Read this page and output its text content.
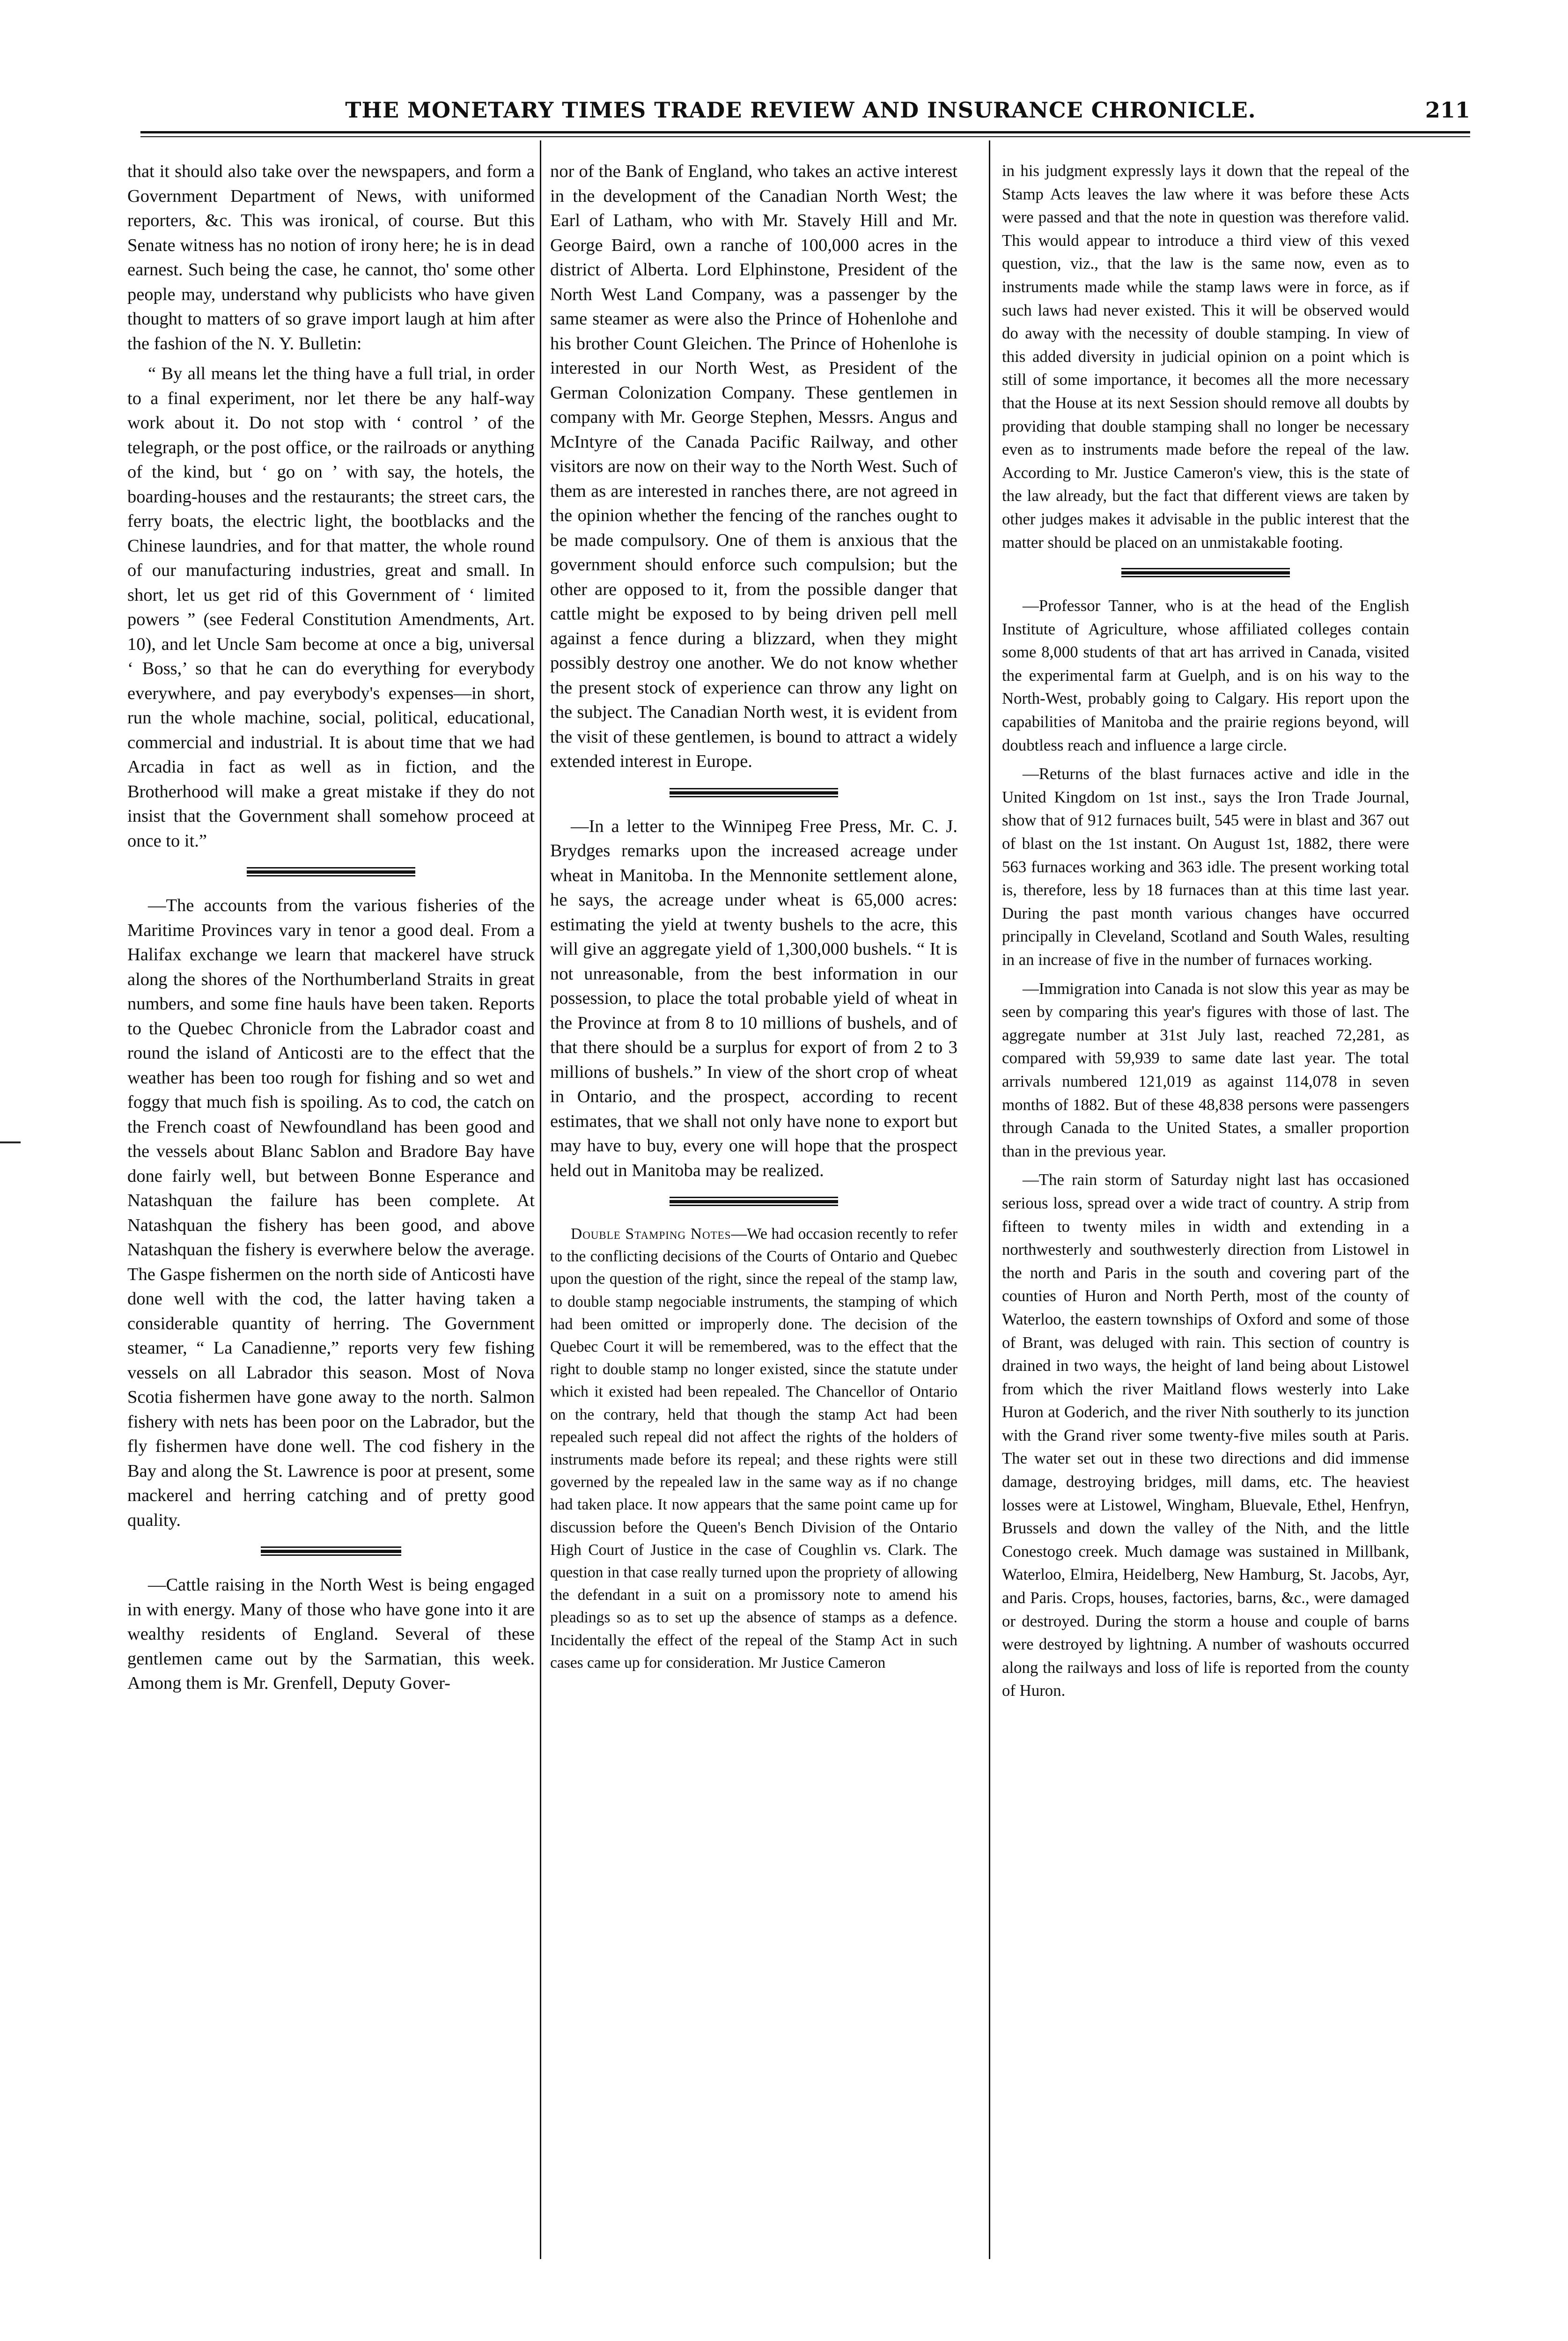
THE MONETARY TIMES TRADE REVIEW AND INSURANCE CHRONICLE.	211

that it should also take over the newspapers, and form a Government Department of News, with uniformed reporters, &c. This was ironical, of course. But this Senate witness has no notion of irony here; he is in dead earnest. Such being the case, he cannot, tho' some other people may, understand why publicists who have given thought to matters of so grave import laugh at him after the fashion of the N. Y. Bulletin:

“ By all means let the thing have a full trial, in order to a final experiment, nor let there be any half-way work about it. Do not stop with ‘ control ’ of the telegraph, or the post office, or the railroads or anything of the kind, but ‘ go on ’ with say, the hotels, the boarding-houses and the restaurants; the street cars, the ferry boats, the electric light, the bootblacks and the Chinese laundries, and for that matter, the whole round of our manufacturing industries, great and small. In short, let us get rid of this Government of ‘ limited powers ” (see Federal Constitution Amendments, Art. 10), and let Uncle Sam become at once a big, universal ‘ Boss,’ so that he can do everything for everybody everywhere, and pay everybody's expenses—in short, run the whole machine, social, political, educational, commercial and industrial. It is about time that we had Arcadia in fact as well as in fiction, and the Brotherhood will make a great mistake if they do not insist that the Government shall somehow proceed at once to it.”

—The accounts from the various fisheries of the Maritime Provinces vary in tenor a good deal. From a Halifax exchange we learn that mackerel have struck along the shores of the Northumberland Straits in great numbers, and some fine hauls have been taken. Reports to the Quebec Chronicle from the Labrador coast and round the island of Anticosti are to the effect that the weather has been too rough for fishing and so wet and foggy that much fish is spoiling. As to cod, the catch on the French coast of Newfoundland has been good and the vessels about Blanc Sablon and Bradore Bay have done fairly well, but between Bonne Esperance and Natashquan the failure has been complete. At Natashquan the fishery has been good, and above Natashquan the fishery is everwhere below the average. The Gaspe fishermen on the north side of Anticosti have done well with the cod, the latter having taken a considerable quantity of herring. The Government steamer, “ La Canadienne,” reports very few fishing vessels on all Labrador this season. Most of Nova Scotia fishermen have gone away to the north. Salmon fishery with nets has been poor on the Labrador, but the fly fishermen have done well. The cod fishery in the Bay and along the St. Lawrence is poor at present, some mackerel and herring catching and of pretty good quality.

—Cattle raising in the North West is being engaged in with energy. Many of those who have gone into it are wealthy residents of England. Several of these gentlemen came out by the Sarmatian, this week. Among them is Mr. Grenfell, Deputy Gover-

nor of the Bank of England, who takes an active interest in the development of the Canadian North West; the Earl of Latham, who with Mr. Stavely Hill and Mr. George Baird, own a ranche of 100,000 acres in the district of Alberta. Lord Elphinstone, President of the North West Land Company, was a passenger by the same steamer as were also the Prince of Hohenlohe and his brother Count Gleichen. The Prince of Hohenlohe is interested in our North West, as President of the German Colonization Company. These gentlemen in company with Mr. George Stephen, Messrs. Angus and McIntyre of the Canada Pacific Railway, and other visitors are now on their way to the North West. Such of them as are interested in ranches there, are not agreed in the opinion whether the fencing of the ranches ought to be made compulsory. One of them is anxious that the government should enforce such compulsion; but the other are opposed to it, from the possible danger that cattle might be exposed to by being driven pell mell against a fence during a blizzard, when they might possibly destroy one another. We do not know whether the present stock of experience can throw any light on the subject. The Canadian North west, it is evident from the visit of these gentlemen, is bound to attract a widely extended interest in Europe.

—In a letter to the Winnipeg Free Press, Mr. C. J. Brydges remarks upon the increased acreage under wheat in Manitoba. In the Mennonite settlement alone, he says, the acreage under wheat is 65,000 acres: estimating the yield at twenty bushels to the acre, this will give an aggregate yield of 1,300,000 bushels. “ It is not unreasonable, from the best information in our possession, to place the total probable yield of wheat in the Province at from 8 to 10 millions of bushels, and of that there should be a surplus for export of from 2 to 3 millions of bushels.” In view of the short crop of wheat in Ontario, and the prospect, according to recent estimates, that we shall not only have none to export but may have to buy, every one will hope that the prospect held out in Manitoba may be realized.

Double Stamping Notes—We had occasion recently to refer to the conflicting decisions of the Courts of Ontario and Quebec upon the question of the right, since the repeal of the stamp law, to double stamp negociable instruments, the stamping of which had been omitted or improperly done. The decision of the Quebec Court it will be remembered, was to the effect that the right to double stamp no longer existed, since the statute under which it existed had been repealed. The Chancellor of Ontario on the contrary, held that though the stamp Act had been repealed such repeal did not affect the rights of the holders of instruments made before its repeal; and these rights were still governed by the repealed law in the same way as if no change had taken place. It now appears that the same point came up for discussion before the Queen's Bench Division of the Ontario High Court of Justice in the case of Coughlin vs. Clark. The question in that case really turned upon the propriety of allowing the defendant in a suit on a promissory note to amend his pleadings so as to set up the absence of stamps as a defence. Incidentally the effect of the repeal of the Stamp Act in such cases came up for consideration. Mr Justice Cameron

in his judgment expressly lays it down that the repeal of the Stamp Acts leaves the law where it was before these Acts were passed and that the note in question was therefore valid. This would appear to introduce a third view of this vexed question, viz., that the law is the same now, even as to instruments made while the stamp laws were in force, as if such laws had never existed. This it will be observed would do away with the necessity of double stamping. In view of this added diversity in judicial opinion on a point which is still of some importance, it becomes all the more necessary that the House at its next Session should remove all doubts by providing that double stamping shall no longer be necessary even as to instruments made before the repeal of the law. According to Mr. Justice Cameron's view, this is the state of the law already, but the fact that different views are taken by other judges makes it advisable in the public interest that the matter should be placed on an unmistakable footing.

—Professor Tanner, who is at the head of the English Institute of Agriculture, whose affiliated colleges contain some 8,000 students of that art has arrived in Canada, visited the experimental farm at Guelph, and is on his way to the North-West, probably going to Calgary. His report upon the capabilities of Manitoba and the prairie regions beyond, will doubtless reach and influence a large circle.

—Returns of the blast furnaces active and idle in the United Kingdom on 1st inst., says the Iron Trade Journal, show that of 912 furnaces built, 545 were in blast and 367 out of blast on the 1st instant. On August 1st, 1882, there were 563 furnaces working and 363 idle. The present working total is, therefore, less by 18 furnaces than at this time last year. During the past month various changes have occurred principally in Cleveland, Scotland and South Wales, resulting in an increase of five in the number of furnaces working.

—Immigration into Canada is not slow this year as may be seen by comparing this year's figures with those of last. The aggregate number at 31st July last, reached 72,281, as compared with 59,939 to same date last year. The total arrivals numbered 121,019 as against 114,078 in seven months of 1882. But of these 48,838 persons were passengers through Canada to the United States, a smaller proportion than in the previous year.

—The rain storm of Saturday night last has occasioned serious loss, spread over a wide tract of country. A strip from fifteen to twenty miles in width and extending in a northwesterly and southwesterly direction from Listowel in the north and Paris in the south and covering part of the counties of Huron and North Perth, most of the county of Waterloo, the eastern townships of Oxford and some of those of Brant, was deluged with rain. This section of country is drained in two ways, the height of land being about Listowel from which the river Maitland flows westerly into Lake Huron at Goderich, and the river Nith southerly to its junction with the Grand river some twenty-five miles south at Paris. The water set out in these two directions and did immense damage, destroying bridges, mill dams, etc. The heaviest losses were at Listowel, Wingham, Bluevale, Ethel, Henfryn, Brussels and down the valley of the Nith, and the little Conestogo creek. Much damage was sustained in Millbank, Waterloo, Elmira, Heidelberg, New Hamburg, St. Jacobs, Ayr, and Paris. Crops, houses, factories, barns, &c., were damaged or destroyed. During the storm a house and couple of barns were destroyed by lightning. A number of washouts occurred along the railways and loss of life is reported from the county of Huron.
